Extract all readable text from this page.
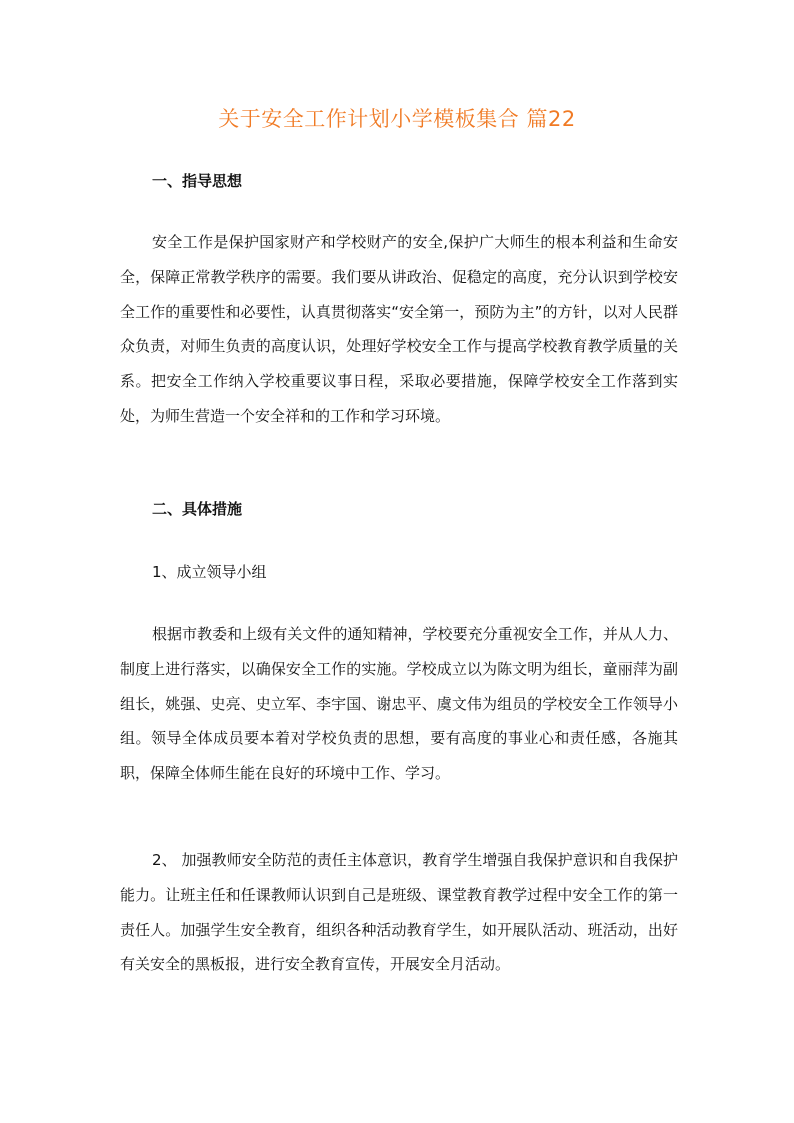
关于安全工作计划小学模板集合 篇22
一、指导思想

安全工作是保护国家财产和学校财产的安全,保护广大师生的根本利益和生命安全，保障正常教学秩序的需要。我们要从讲政治、促稳定的高度，充分认识到学校安全工作的重要性和必要性，认真贯彻落实“安全第一，预防为主”的方针，以对人民群众负责，对师生负责的高度认识，处理好学校安全工作与提高学校教育教学质量的关系。把安全工作纳入学校重要议事日程，采取必要措施，保障学校安全工作落到实处，为师生营造一个安全祥和的工作和学习环境。

二、具体措施
1、成立领导小组

根据市教委和上级有关文件的通知精神，学校要充分重视安全工作，并从人力、制度上进行落实，以确保安全工作的实施。学校成立以为陈文明为组长，童丽萍为副组长，姚强、史亮、史立军、李宇国、谢忠平、虞文伟为组员的学校安全工作领导小组。领导全体成员要本着对学校负责的思想，要有高度的事业心和责任感，各施其职，保障全体师生能在良好的环境中工作、学习。

2、 加强教师安全防范的责任主体意识，教育学生增强自我保护意识和自我保护能力。让班主任和任课教师认识到自己是班级、课堂教育教学过程中安全工作的第一责任人。加强学生安全教育，组织各种活动教育学生，如开展队活动、班活动，出好有关安全的黑板报，进行安全教育宣传，开展安全月活动。
